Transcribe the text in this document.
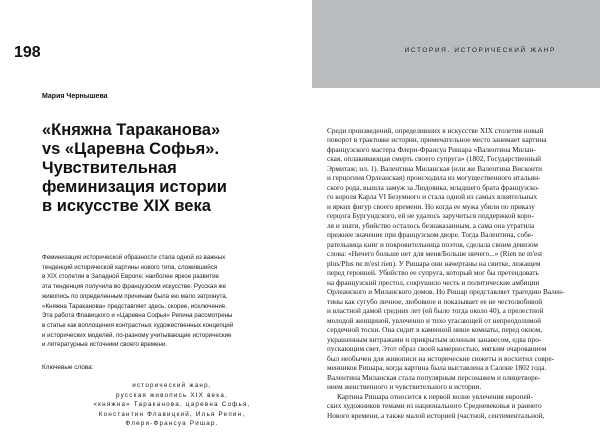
ИСТОРИЯ. ИСТОРИЧЕСКИЙ ЖАНР
198
Мария Чернышева
«Княжна Тараканова»
vs «Царевна Софья».
Чувствительная
феминизация истории
в искусстве XIX века
Феминизация исторической образности стала одной из важных
тенденций исторической картины нового типа, сложившейся
в XIX столетии в Западной Европе; наиболее яркое развитие
эта тенденция получила во французском искусстве. Русская же
живопись по определенным причинам была ею мало затронута,
«Княжна Тараканова» представляет здесь, скорее, исключение.
Эта работа Флавицкого и «Царевна Софья» Репина рассмотрены
в статье как воплощения контрастных художественных концепций
и исторических моделей, по-разному учитывающие исторические
и литературные источники своего времени.
Ключевые слова:
исторический жанр,
русская живопись XIX века,
«княжна» Тараканова, царевна Софья,
Константин Флавицкий, Илья Репин,
Флери-Франсуа Ришар.
Среди произведений, определивших в искусстве XIX столетия новый
поворот в трактовке истории, примечательное место занимает картина
французского мастера Флери-Франсуа Ришара «Валентина Милан-
ская, оплакивающая смерть своего супруга» (1802, Государственный
Эрмитаж; ил. 1). Валентина Миланская (или же Валентина Висконти
и герцогиня Орлеанская) происходила из могущественного итальян-
ского рода, вышла замуж за Людовика, младшего брата французско-
го короля Карла VI Безумного и стала одной из самых влиятельных
и ярких фигур своего времени. Но когда ее мужа убили по приказу
герцога Бургундского, ей не удалось заручиться поддержкой коро-
ля и знати, убийство осталось безнаказанным, а сама она утратила
прежнее значение при французском дворе. Тогда Валентина, собе-
рательница книг и покровительница поэтов, сделала своим девизом
слова: «Ничего больше нет для меня/Больше ничего...» (Rien ne m'est
plus/Plus ne m'est rien). У Ришара они начертаны на свитке, лежащем
перед героиней. Убийство ее супруга, который мог бы претендовать
на французский престол, сокрушило честь и политические амбиции
Орлеанского и Миланского домов. Но Ришар представляет трагедию Вален-
тины как сугубо личное, любовное и показывает ее не честолюбивой
и властной дамой средних лет (ей было тогда около 40), а прелестной
молодой женщиной, увлеченно и тихо угасающей от непреодолимой
сердечной тоски. Она сидит в каменной нише комнаты, перед окном,
украшенным витражами и прикрытым зеленым занавесом, едва про-
пускающим свет. Этот образ своей камерностью, мягким очарованием
был необычен для живописи на исторические сюжеты и восхитил совре-
менников Ришара, когда картина была выставлена в Салоне 1802 года.
Валентина Миланская стала популярным персонажем и олицетворе-
нием женственного и чувствительного в истории.
Картина Ришара относится к первой волне увлечения европей-
ских художников темами из национального Средневековья и раннего
Нового времени, а также малой историей (частной, сентиментальной,
